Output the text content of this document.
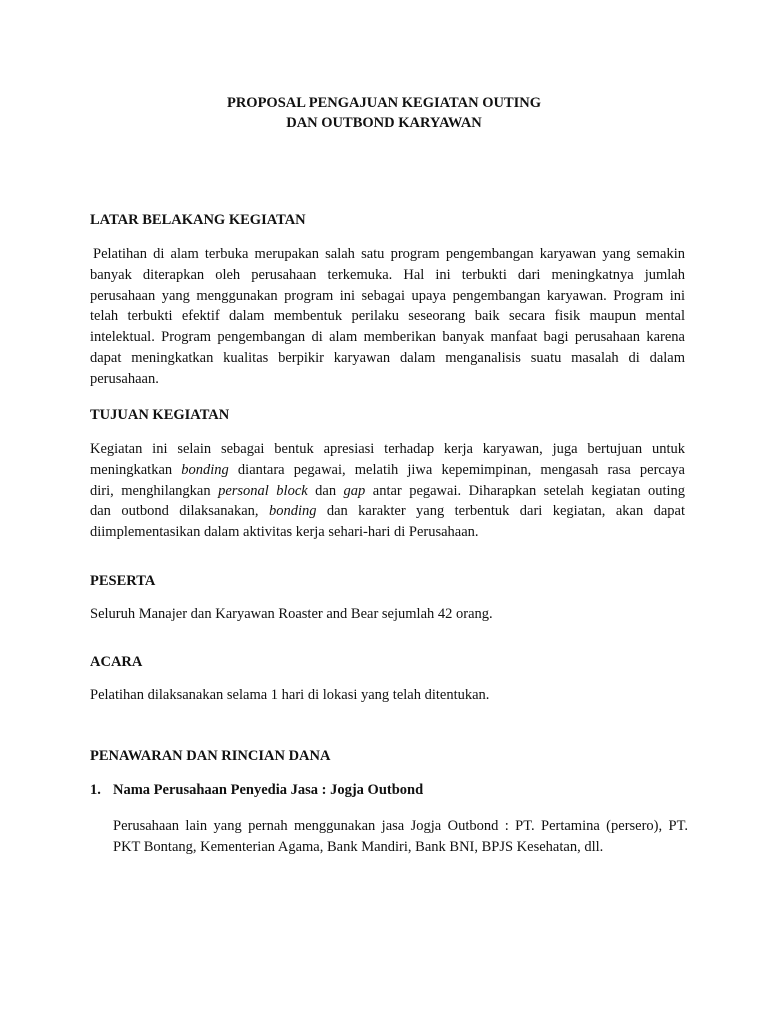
PROPOSAL PENGAJUAN KEGIATAN OUTING
DAN OUTBOND KARYAWAN
LATAR BELAKANG KEGIATAN
Pelatihan di alam terbuka merupakan salah satu program pengembangan karyawan yang semakin
banyak diterapkan oleh perusahaan terkemuka. Hal ini terbukti dari meningkatnya jumlah
perusahaan yang menggunakan program ini sebagai upaya pengembangan karyawan. Program ini
telah terbukti efektif dalam membentuk perilaku seseorang baik secara fisik maupun mental
intelektual. Program pengembangan di alam memberikan banyak manfaat bagi perusahaan karena
dapat meningkatkan kualitas berpikir karyawan dalam menganalisis suatu masalah di dalam
perusahaan.
TUJUAN KEGIATAN
Kegiatan ini selain sebagai bentuk apresiasi terhadap kerja karyawan, juga bertujuan untuk
meningkatkan bonding diantara pegawai, melatih jiwa kepemimpinan, mengasah rasa percaya
diri, menghilangkan personal block dan gap antar pegawai. Diharapkan setelah kegiatan outing
dan outbond dilaksanakan, bonding dan karakter yang terbentuk dari kegiatan, akan dapat
diimplementasikan dalam aktivitas kerja sehari-hari di Perusahaan.
PESERTA

Seluruh Manajer dan Karyawan Roaster and Bear sejumlah 42 orang.

ACARA

Pelatihan dilaksanakan selama 1 hari di lokasi yang telah ditentukan.

PENAWARAN DAN RINCIAN DANA
1. Nama Perusahaan Penyedia Jasa : Jogja Outbond
Perusahaan lain yang pernah menggunakan jasa Jogja Outbond : PT. Pertamina (persero), PT.
PKT Bontang, Kementerian Agama, Bank Mandiri, Bank BNI, BPJS Kesehatan, dll.
